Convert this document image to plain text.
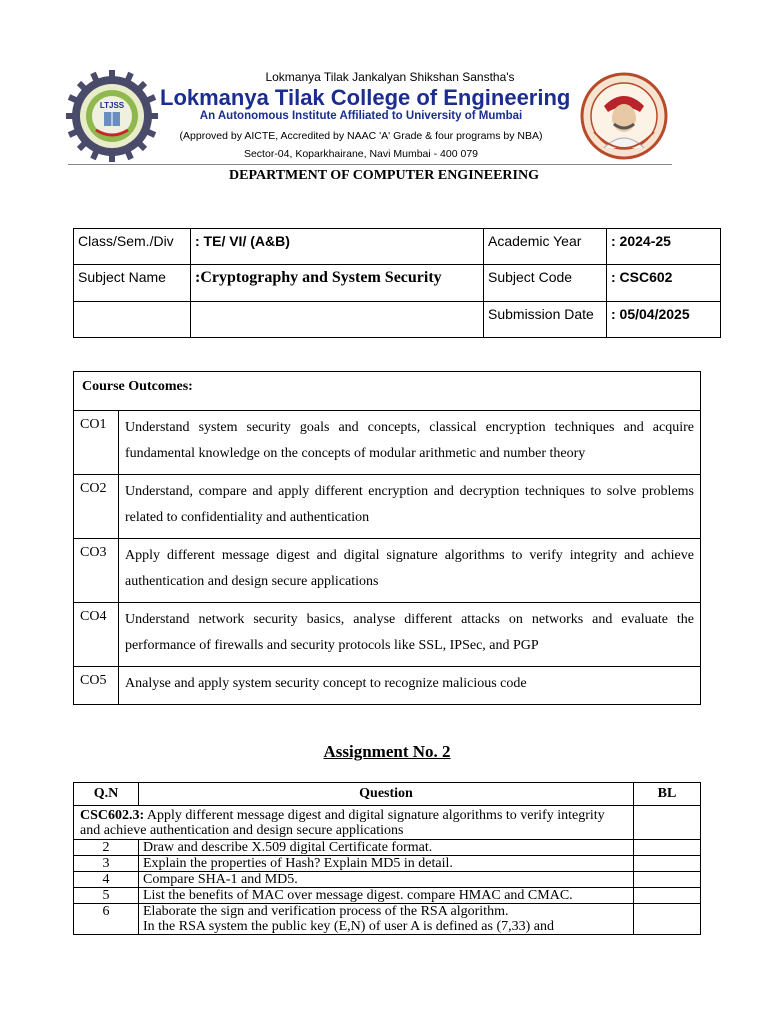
LTJSS
Lokmanya Tilak Jankalyan Shikshan Sanstha's
Lokmanya Tilak College of Engineering
An Autonomous Institute Affiliated to University of Mumbai
(Approved by AICTE, Accredited by NAAC 'A' Grade & four programs by NBA)
Sector-04, Koparkhairane, Navi Mumbai - 400 079
DEPARTMENT OF COMPUTER ENGINEERING
Class/Sem./Div	: TE/ VI/ (A&B)	Academic Year	: 2024-25
Subject Name	:Cryptography and System Security	Subject Code	: CSC602
		Submission Date	: 05/04/2025
Course Outcomes:	
CO1	Understand system security goals and concepts, classical encryption techniques and acquire fundamental knowledge on the concepts of modular arithmetic and number theory
CO2	Understand, compare and apply different encryption and decryption techniques to solve problems related to confidentiality and authentication
CO3	Apply different message digest and digital signature algorithms to verify integrity and achieve authentication and design secure applications
CO4	Understand network security basics, analyse different attacks on networks and evaluate the performance of firewalls and security protocols like SSL, IPSec, and PGP
CO5	Analyse and apply system security concept to recognize malicious code
Assignment No. 2
Q.N	Question	BL
CSC602.3: Apply different message digest and digital signature algorithms to verify integrity and achieve authentication and design secure applications		
2	Draw and describe X.509 digital Certificate format.	
3	Explain the properties of Hash? Explain MD5 in detail.	
4	Compare SHA-1 and MD5.	
5	List the benefits of MAC over message digest. compare HMAC and CMAC.	
6	Elaborate the sign and verification process of the RSA algorithm.
In the RSA system the public key (E,N) of user A is defined as (7,33) and	
